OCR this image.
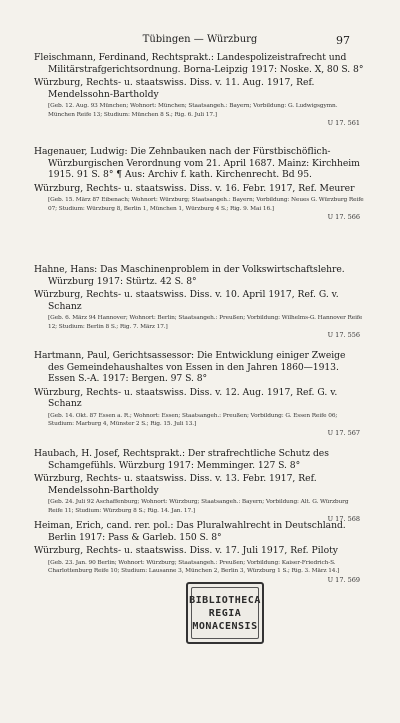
Tübingen — Würzburg	97

Fleischmann, Ferdinand, Rechtsprakt.: Landespolizeistrafrecht und Militärstrafgerichtsordnung. Borna-Leipzig 1917: Noske. X, 80 S. 8°

Würzburg, Rechts- u. staatswiss. Diss. v. 11. Aug. 1917, Ref. Mendelssohn-Bartholdy

[Geb. 12. Aug. 93 München; Wohnort: München; Staatsangeh.: Bayern; Vorbildung: G. Ludwigsgymn. München Reife 13; Studium: München 8 S.; Rig. 6. Juli 17.]

U 17. 561

Hagenauer, Ludwig: Die Zehnbauken nach der Fürstbischöflich-Würzburgischen Verordnung vom 21. April 1687. Mainz: Kirchheim 1915. 91 S. 8° ¶ Aus: Archiv f. kath. Kirchenrecht. Bd 95.

Würzburg, Rechts- u. staatswiss. Diss. v. 16. Febr. 1917, Ref. Meurer

[Geb. 15. März 87 Eibenach; Wohnort: Würzburg; Staatsangeh.: Bayern; Vorbildung: Neues G. Würzburg Reife 07; Studium: Würzburg 8, Berlin 1, München 1, Würzburg 4 S.; Rig. 9. Mai 16.]

U 17. 566

Hahne, Hans: Das Maschinenproblem in der Volkswirtschaftslehre. Würzburg 1917: Stürtz. 42 S. 8°

Würzburg, Rechts- u. staatswiss. Diss. v. 10. April 1917, Ref. G. v. Schanz

[Geb. 6. März 94 Hannover; Wohnort: Berlin; Staatsangeh.: Preußen; Vorbildung: Wilhelms-G. Hannover Reife 12; Studium: Berlin 8 S.; Rig. 7. März 17.]

U 17. 556

Hartmann, Paul, Gerichtsassessor: Die Entwicklung einiger Zweige des Gemeindehaushaltes von Essen in den Jahren 1860—1913. Essen S.-A. 1917: Bergen. 97 S. 8°

Würzburg, Rechts- u. staatswiss. Diss. v. 12. Aug. 1917, Ref. G. v. Schanz

[Geb. 14. Okt. 87 Essen a. R.; Wohnort: Essen; Staatsangeh.: Preußen; Vorbildung: G. Essen Reife 06; Studium: Marburg 4, Münster 2 S.; Rig. 15. Juli 13.]

U 17. 567

Haubach, H. Josef, Rechtsprakt.: Der strafrechtliche Schutz des Schamgefühls. Würzburg 1917: Memminger. 127 S. 8°

Würzburg, Rechts- u. staatswiss. Diss. v. 13. Febr. 1917, Ref. Mendelssohn-Bartholdy

[Geb. 24. Juli 92 Aschaffenburg; Wohnort: Würzburg; Staatsangeh.: Bayern; Vorbildung: Alt. G. Würzburg Reife 11; Studium: Würzburg 8 S.; Rig. 14. Jan. 17.]

U 17. 568

Heiman, Erich, cand. rer. pol.: Das Pluralwahlrecht in Deutschland. Berlin 1917: Pass & Garleb. 150 S. 8°

Würzburg, Rechts- u. staatswiss. Diss. v. 17. Juli 1917, Ref. Piloty

[Geb. 23. Jan. 90 Berlin; Wohnort: Würzburg; Staatsangeh.: Preußen; Vorbildung: Kaiser-Friedrich-S. Charlottenburg Reife 10; Studium: Lausanne 3, München 2, Berlin 3, Würzburg 1 S.; Rig. 3. März 14.]

U 17. 569
BIBLIOTHECA
REGIA
MONACENSIS
